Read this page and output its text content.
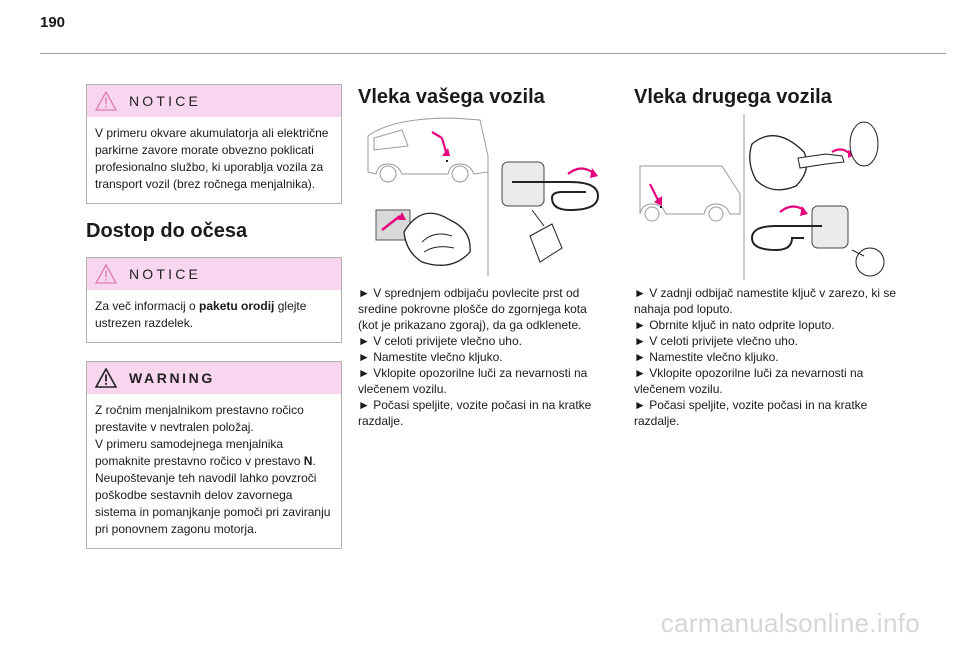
190
NOTICE
V primeru okvare akumulatorja ali električne parkirne zavore morate obvezno poklicati profesionalno službo, ki uporablja vozila za transport vozil (brez ročnega menjalnika).
Dostop do očesa
NOTICE
Za več informacij o paketu orodij glejte ustrezen razdelek.
WARNING
Z ročnim menjalnikom prestavno ročico prestavite v nevtralen položaj.
V primeru samodejnega menjalnika pomaknite prestavno ročico v prestavo N.
Neupoštevanje teh navodil lahko povzroči poškodbe sestavnih delov zavornega sistema in pomanjkanje pomoči pri zaviranju pri ponovnem zagonu motorja.
Vleka vašega vozila
► V sprednjem odbijaču povlecite prst od sredine pokrovne plošče do zgornjega kota (kot je prikazano zgoraj), da ga odklenete.
► V celoti privijete vlečno uho.
► Namestite vlečno kljuko.
► Vklopite opozorilne luči za nevarnosti na vlečenem vozilu.
► Počasi speljite, vozite počasi in na kratke razdalje.
Vleka drugega vozila
► V zadnji odbijač namestite ključ v zarezo, ki se nahaja pod loputo.
► Obrnite ključ in nato odprite loputo.
► V celoti privijete vlečno uho.
► Namestite vlečno kljuko.
► Vklopite opozorilne luči za nevarnosti na vlečenem vozilu.
► Počasi speljite, vozite počasi in na kratke razdalje.
carmanualsonline.info
